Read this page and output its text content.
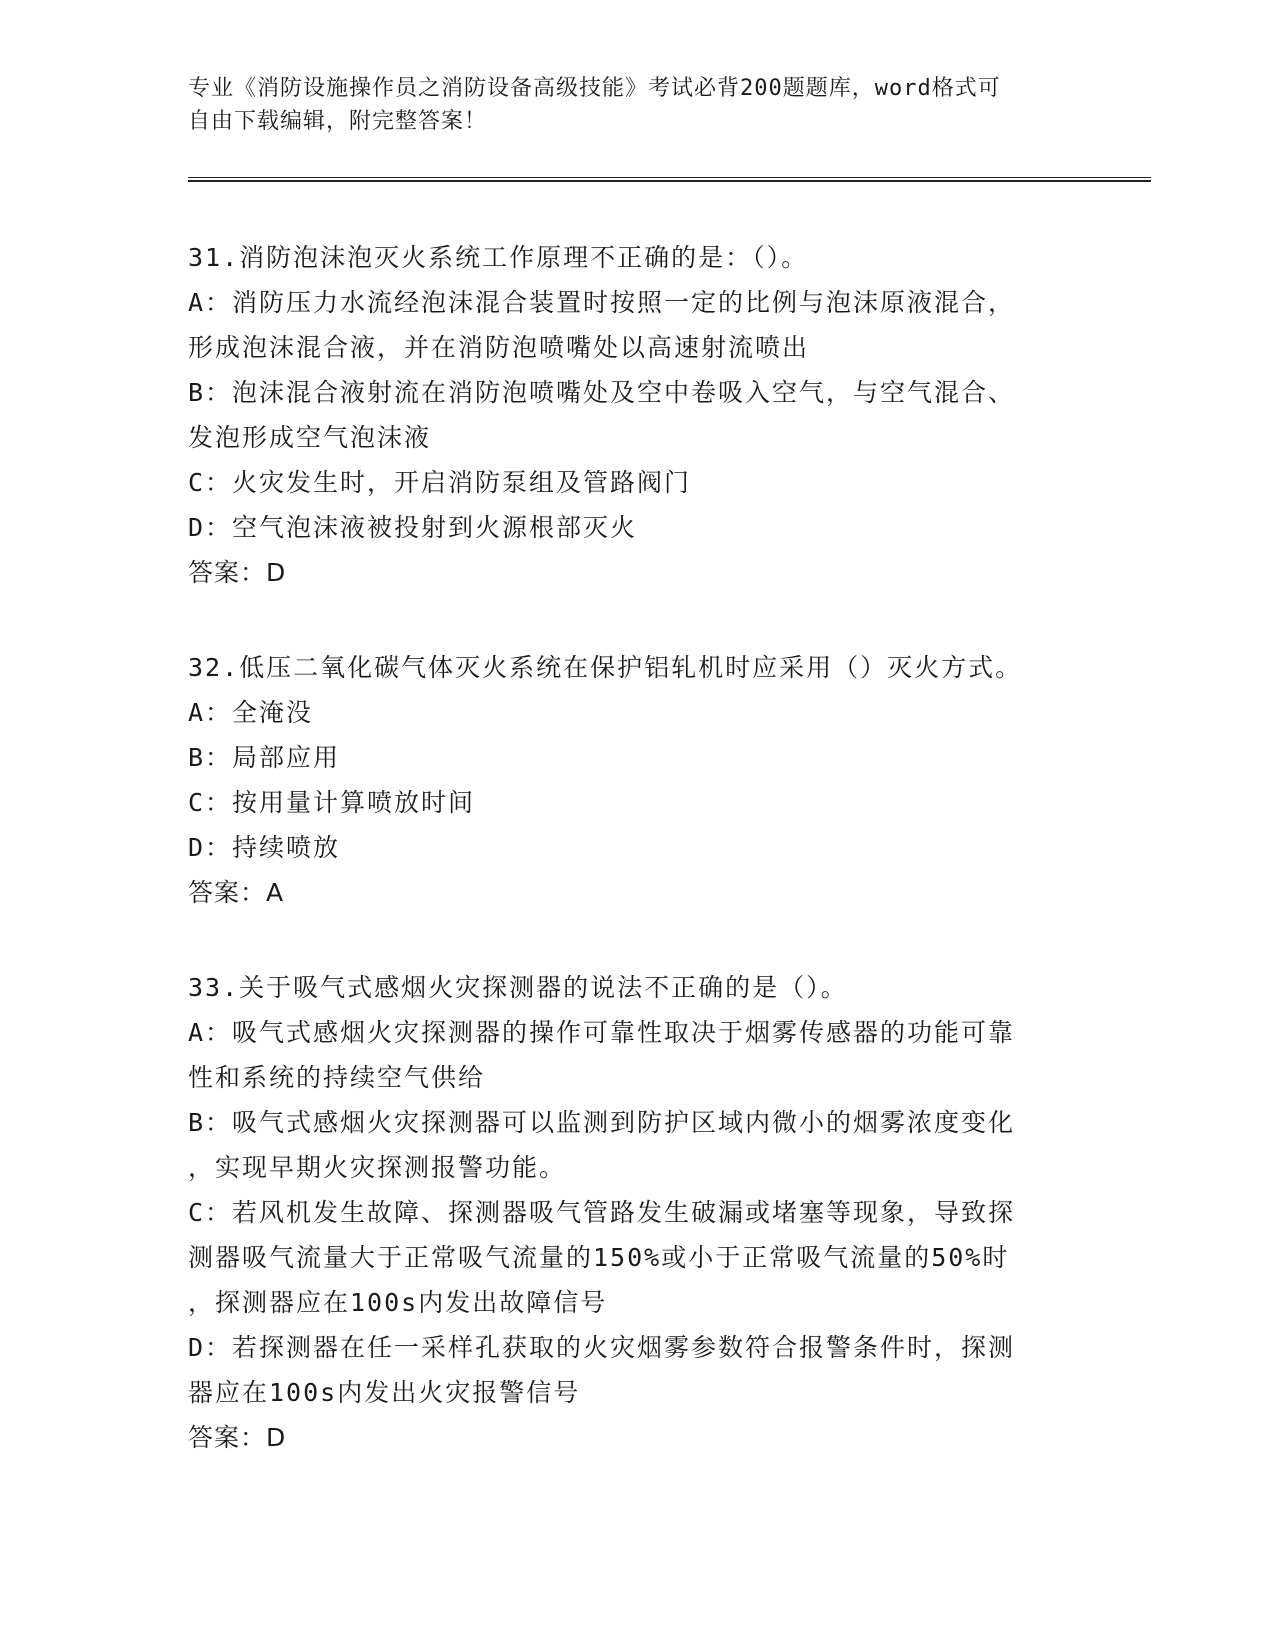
专业《消防设施操作员之消防设备高级技能》考试必背200题题库，word格式可

自由下载编辑，附完整答案！

31.消防泡沫泡灭火系统工作原理不正确的是：（）。

A：消防压力水流经泡沫混合装置时按照一定的比例与泡沫原液混合，

形成泡沫混合液，并在消防泡喷嘴处以高速射流喷出

B：泡沫混合液射流在消防泡喷嘴处及空中卷吸入空气，与空气混合、

发泡形成空气泡沫液

C：火灾发生时，开启消防泵组及管路阀门

D：空气泡沫液被投射到火源根部灭火

答案：D

32.低压二氧化碳气体灭火系统在保护铝轧机时应采用（）灭火方式。

A：全淹没

B：局部应用

C：按用量计算喷放时间

D：持续喷放

答案：A

33.关于吸气式感烟火灾探测器的说法不正确的是（）。

A：吸气式感烟火灾探测器的操作可靠性取决于烟雾传感器的功能可靠

性和系统的持续空气供给

B：吸气式感烟火灾探测器可以监测到防护区域内微小的烟雾浓度变化

，实现早期火灾探测报警功能。

C：若风机发生故障、探测器吸气管路发生破漏或堵塞等现象，导致探

测器吸气流量大于正常吸气流量的150%或小于正常吸气流量的50%时

，探测器应在100s内发出故障信号

D：若探测器在任一采样孔获取的火灾烟雾参数符合报警条件时，探测

器应在100s内发出火灾报警信号

答案：D
